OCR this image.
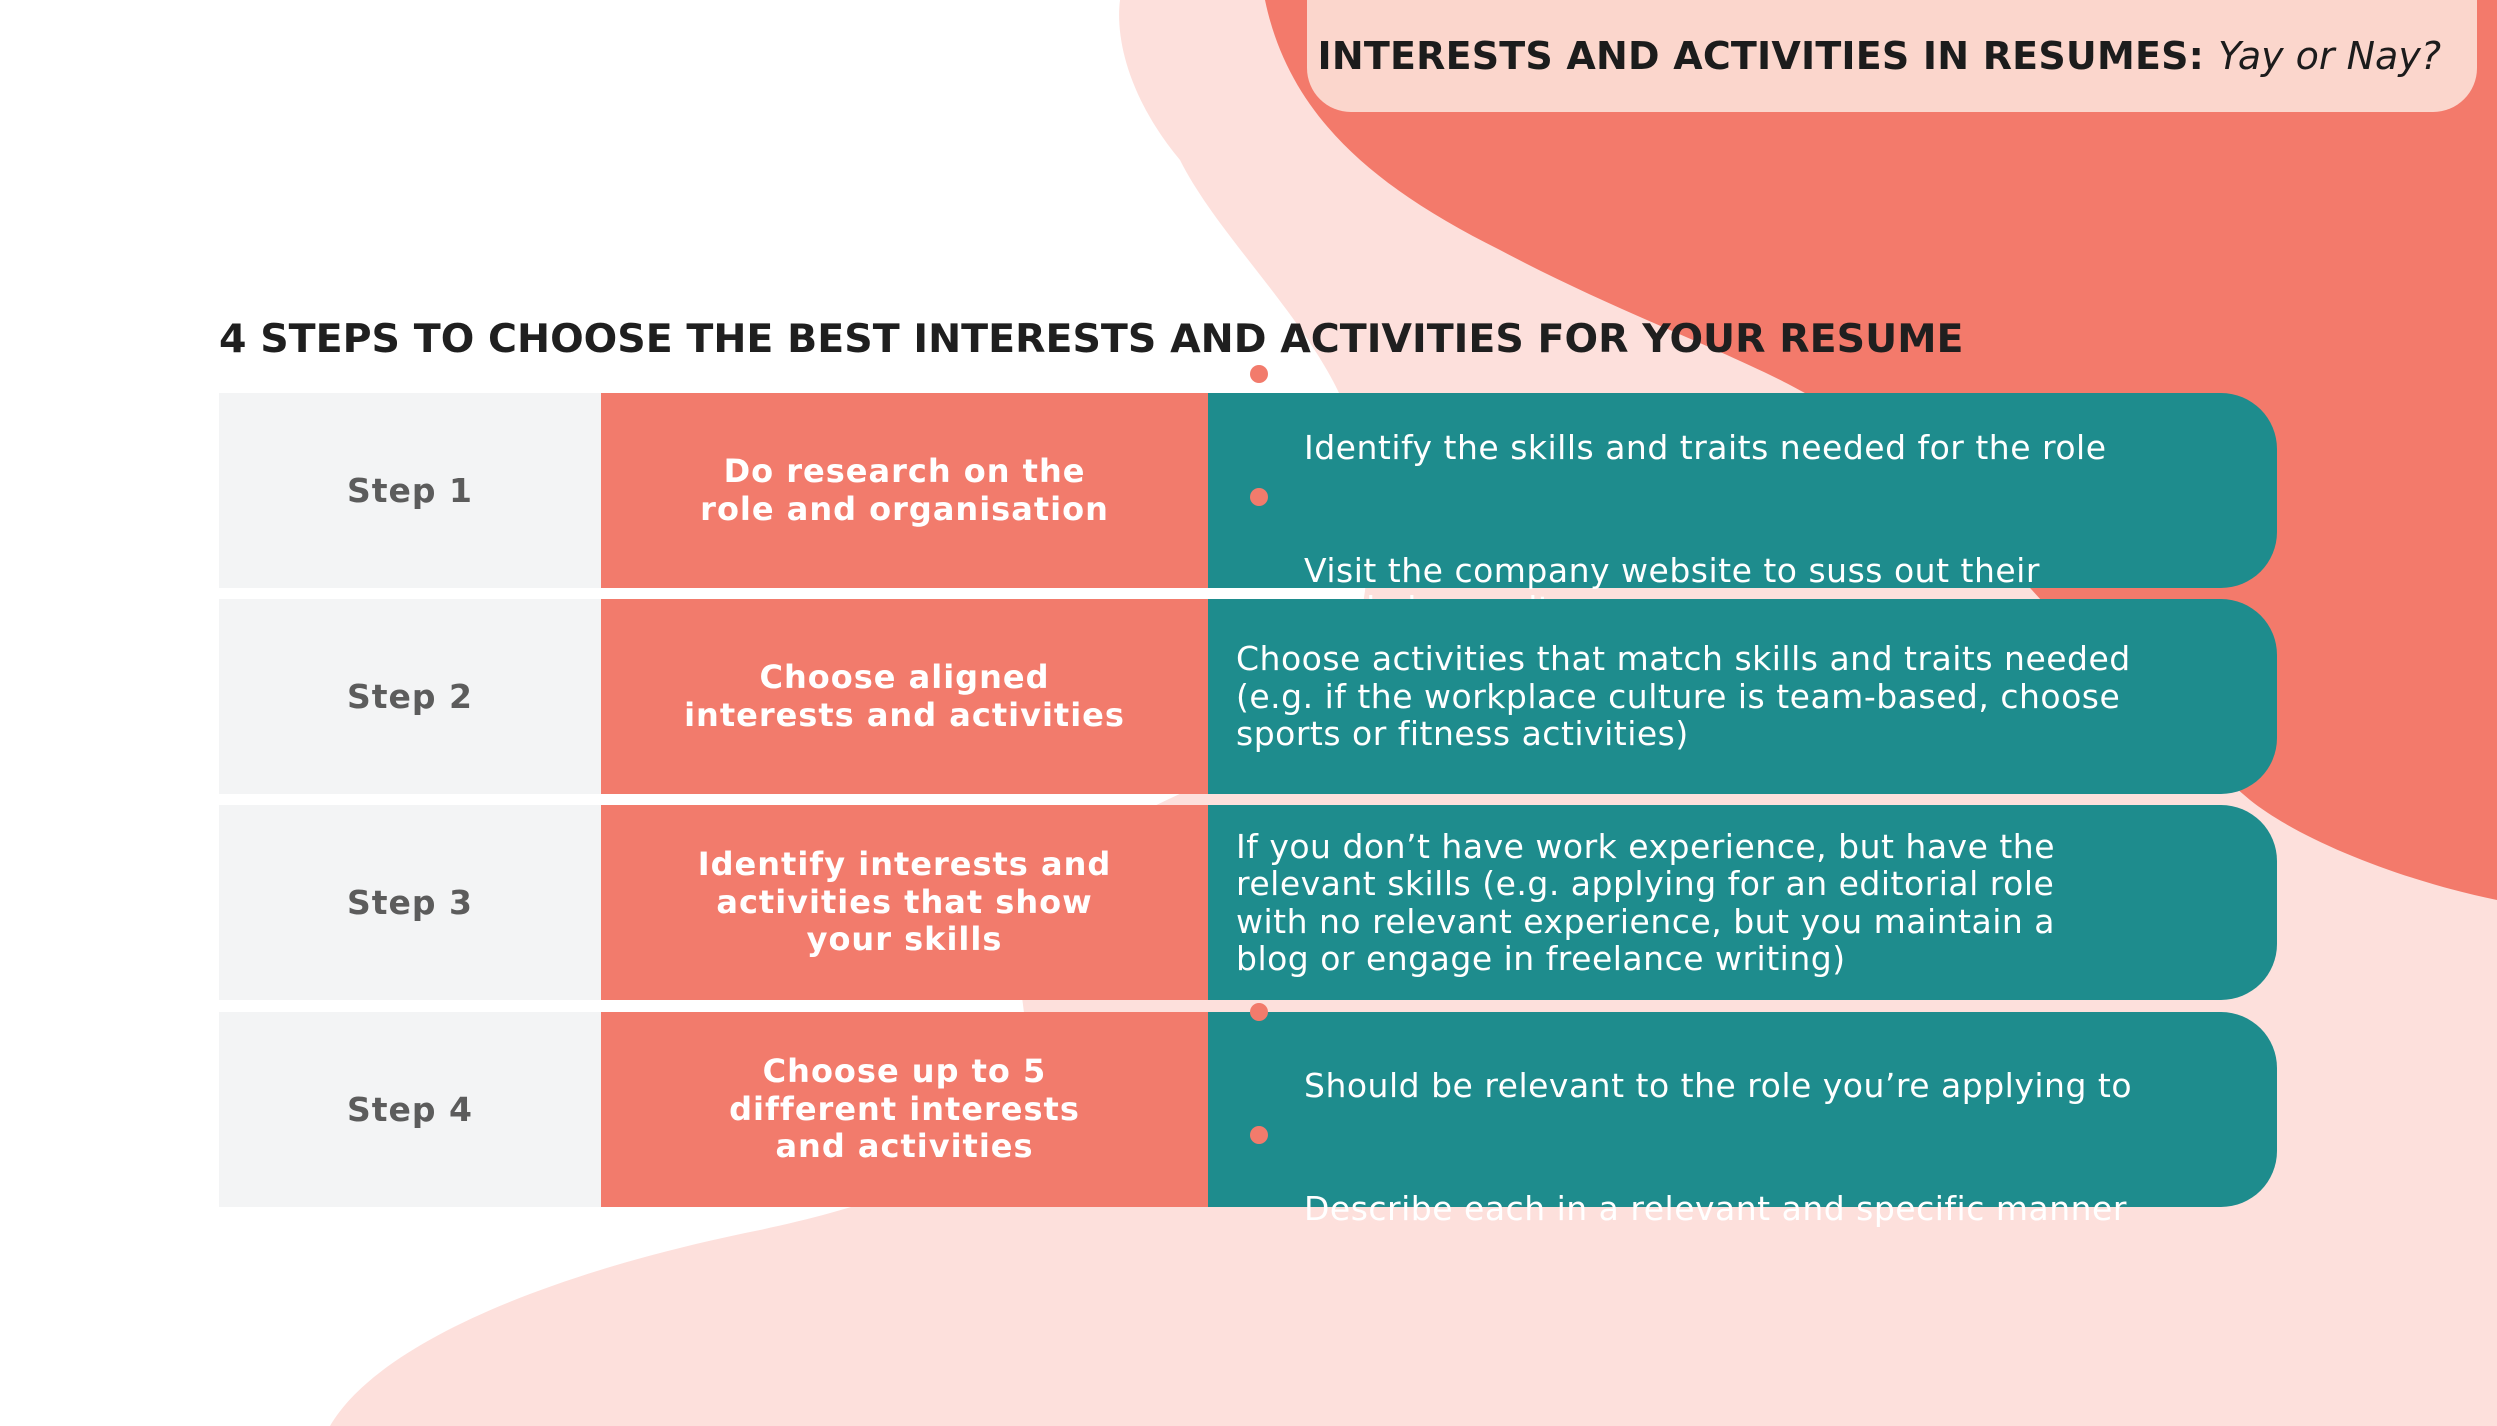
INTERESTS AND ACTIVITIES IN RESUMES: Yay or Nay?
4 STEPS TO CHOOSE THE BEST INTERESTS AND ACTIVITIES FOR YOUR RESUME
Step 1	Do research on the
role and organisation

Identify the skills and traits needed for the role

Visit the company website to suss out their

Step 2	Choose aligned
interests and activities
Choose activities that match skills and traits needed
(e.g. if the workplace culture is team-based, choose
sports or fitness activities)
Step 3
Identify interests and
activities that show
your skills
If you don’t have work experience, but have the
relevant skills (e.g. applying for an editorial role
with no relevant experience, but you maintain a
blog or engage in freelance writing)
Step 4
Choose up to 5
different interests
and activities

Should be relevant to the role you’re applying to

Describe each in a relevant and specific manner
